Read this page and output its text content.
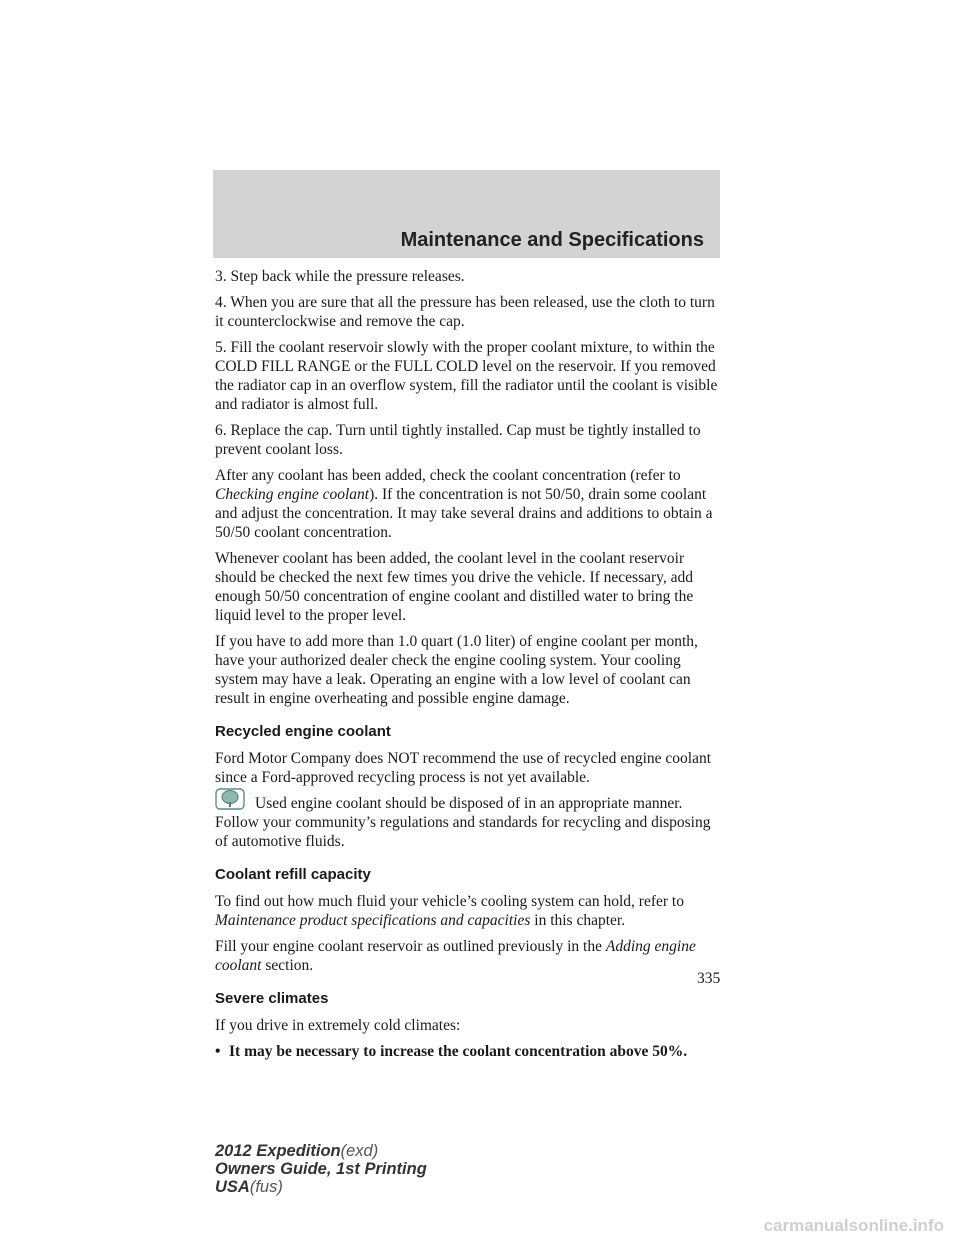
Maintenance and Specifications

3. Step back while the pressure releases.

4. When you are sure that all the pressure has been released, use the cloth to turn it counterclockwise and remove the cap.

5. Fill the coolant reservoir slowly with the proper coolant mixture, to within the COLD FILL RANGE or the FULL COLD level on the reservoir. If you removed the radiator cap in an overflow system, fill the radiator until the coolant is visible and radiator is almost full.

6. Replace the cap. Turn until tightly installed. Cap must be tightly installed to prevent coolant loss.

After any coolant has been added, check the coolant concentration (refer to Checking engine coolant). If the concentration is not 50/50, drain some coolant and adjust the concentration. It may take several drains and additions to obtain a 50/50 coolant concentration.

Whenever coolant has been added, the coolant level in the coolant reservoir should be checked the next few times you drive the vehicle. If necessary, add enough 50/50 concentration of engine coolant and distilled water to bring the liquid level to the proper level.

If you have to add more than 1.0 quart (1.0 liter) of engine coolant per month, have your authorized dealer check the engine cooling system. Your cooling system may have a leak. Operating an engine with a low level of coolant can result in engine overheating and possible engine damage.

Recycled engine coolant

Ford Motor Company does NOT recommend the use of recycled engine coolant since a Ford-approved recycling process is not yet available.

Used engine coolant should be disposed of in an appropriate manner. Follow your community’s regulations and standards for recycling and disposing of automotive fluids.

Coolant refill capacity

To find out how much fluid your vehicle’s cooling system can hold, refer to Maintenance product specifications and capacities in this chapter.

Fill your engine coolant reservoir as outlined previously in the Adding engine coolant section.

Severe climates

If you drive in extremely cold climates:

• It may be necessary to increase the coolant concentration above 50%.
335
2012 Expedition(exd)
Owners Guide, 1st Printing
USA(fus)
carmanualsonline.info
